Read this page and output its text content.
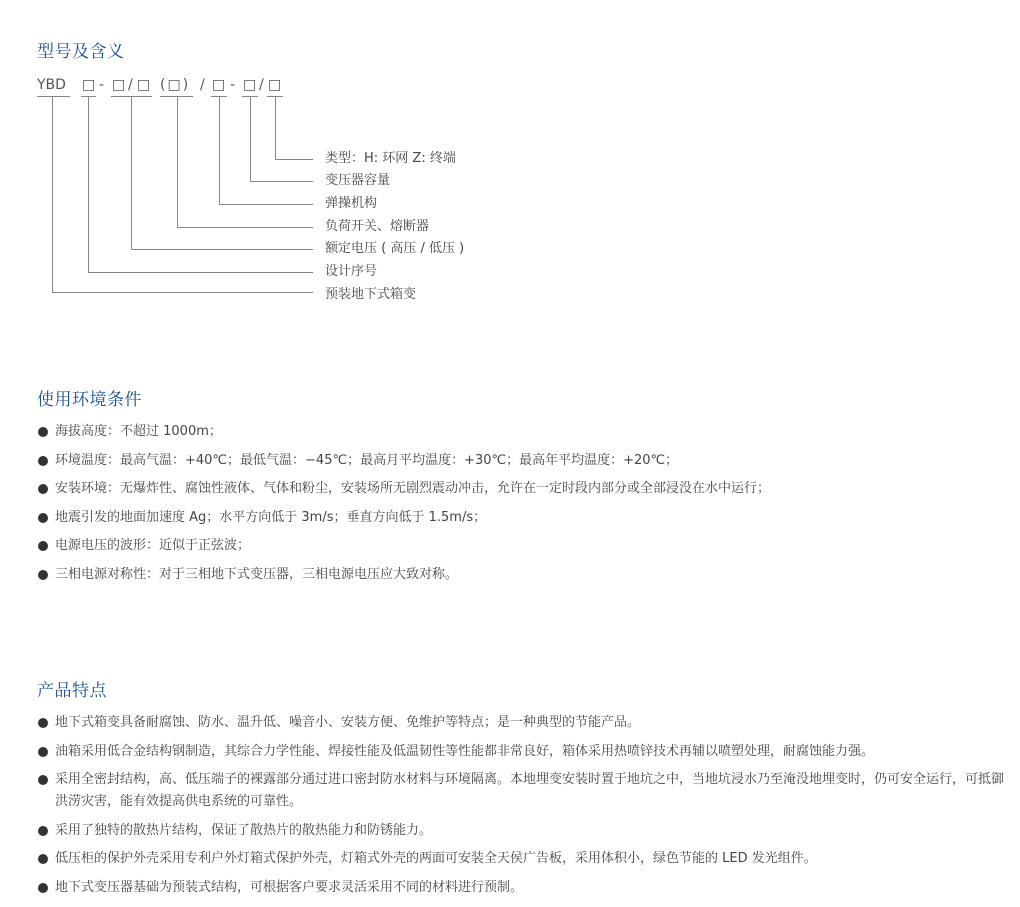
型号及含义
YBD □ - □ / □ (□) / □ - □ / □
类型：H: 环网 Z: 终端
变压器容量
弹操机构
负荷开关、熔断器
额定电压 ( 高压 / 低压 )
设计序号
预装地下式箱变
使用环境条件
海拔高度：不超过 1000m；
环境温度：最高气温：+40℃；最低气温：−45℃；最高月平均温度：+30℃；最高年平均温度：+20℃；
安装环境：无爆炸性、腐蚀性液体、气体和粉尘，安装场所无剧烈震动冲击，允许在一定时段内部分或全部浸没在水中运行；
地震引发的地面加速度 Ag；水平方向低于 3m/s；垂直方向低于 1.5m/s；
电源电压的波形：近似于正弦波；
三相电源对称性：对于三相地下式变压器，三相电源电压应大致对称。
产品特点
地下式箱变具备耐腐蚀、防水、温升低、噪音小、安装方便、免维护等特点；是一种典型的节能产品。
油箱采用低合金结构钢制造，其综合力学性能、焊接性能及低温韧性等性能都非常良好，箱体采用热喷锌技术再辅以喷塑处理，耐腐蚀能力强。
采用全密封结构，高、低压端子的裸露部分通过进口密封防水材料与环境隔离。本地埋变安装时置于地坑之中，当地坑浸水乃至淹没地埋变时，仍可安全运行，可抵御洪涝灾害，能有效提高供电系统的可靠性。
采用了独特的散热片结构，保证了散热片的散热能力和防锈能力。
低压柜的保护外壳采用专利户外灯箱式保护外壳，灯箱式外壳的两面可安装全天侯广告板，采用体积小，绿色节能的 LED 发光组件。
地下式变压器基础为预装式结构，可根据客户要求灵活采用不同的材料进行预制。
